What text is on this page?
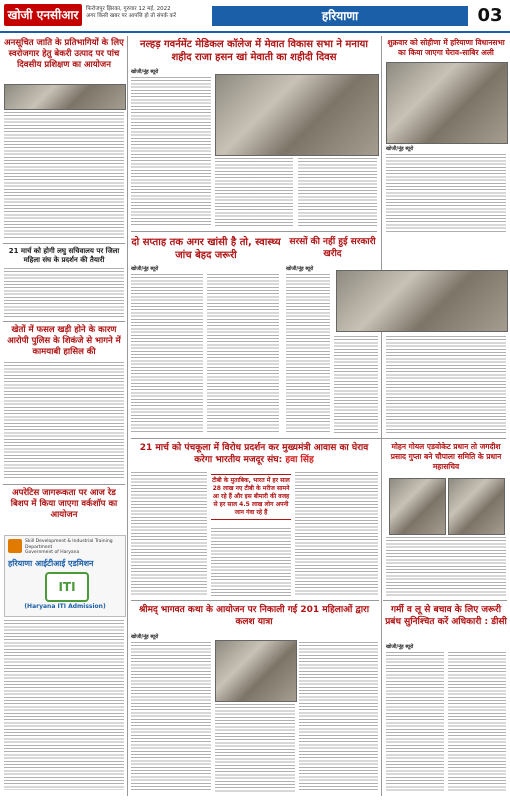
खोजी एनसीआर	फिरोजपुर झिरका, गुरुवार 12 मई, 2022
अगर किसी खबर पर आपत्ति हो तो संपर्क करें	हरियाणा	03
अनसूचित जाति के प्रतिभागियों के लिए स्वरोजगार हेतु बेकरी उत्पाद पर पांच दिवसीय प्रशिक्षण का आयोजन
21 मार्च को होगी लघु सचिवालय पर जिला महिला संघ के प्रदर्शन की तैयारी
खेतों में फसल खड़ी होने के कारण आरोपी पुलिस के शिकंजे से भागने में कामयाबी हासिल की
अपरेटिस जागरूकता पर आज रेड बिशप में किया जाएगा वर्कशॉप का आयोजन
Skill Development & Industrial Training Department
Government of Haryana
हरियाणा आईटीआई एडमिशन
ITI
(Haryana ITI Admission)
नल्हड़ गवर्नमेंट मेडिकल कॉलेज में मेवात विकास सभा ने मनाया शहीद राजा हसन खां मेवाती का शहीदी दिवस
खोजी/नूंह ब्यूरो
दो सप्ताह तक अगर खांसी है तो, स्वास्थ्य जांच बेहद जरूरी
खोजी/नूंह ब्यूरो
सरसों की नहीं हुई सरकारी खरीद
खोजी/नूंह ब्यूरो
21 मार्च को पंचकूला में विरोध प्रदर्शन कर मुख्यमंत्री आवास का घेराव करेगा भारतीय मजदूर संघ: हवा सिंह
टीबी के मुताबिक, भारत में हर साल 28 लाख नए टीबी के मरीज सामने आ रहे हैं और इस बीमारी की वजह से हर साल 4.5 लाख लोग अपनी जान गंवा रहे हैं
श्रीमद् भागवत कथा के आयोजन पर निकाली गई 201 महिलाओं द्वारा कलश यात्रा
खोजी/नूंह ब्यूरो
शुक्रवार को सोहीणा में हरियाणा विधानसभा का किया जाएगा घेराव-साबिर अली
खोजी/नूंह ब्यूरो
मोहन गोयल एडवोकेट प्रधान तो जगदीश प्रसाद गुप्ता बने चौपाला समिति के प्रधान महासचिव
गर्मी व लू से बचाव के लिए जरूरी प्रबंध सुनिश्चित करें अधिकारी : डीसी
खोजी/नूंह ब्यूरो
